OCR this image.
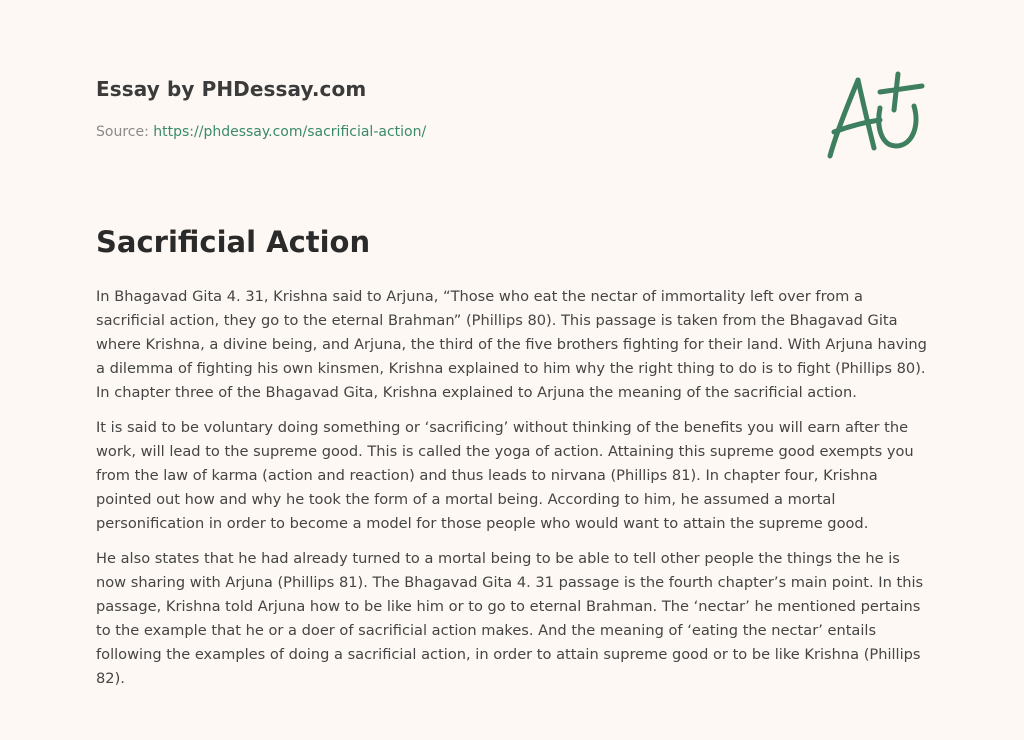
Essay by PHDessay.com

Source: https://phdessay.com/sacrificial-action/

Sacrificial Action

In Bhagavad Gita 4. 31, Krishna said to Arjuna, “Those who eat the nectar of immortality left over from a sacrificial action, they go to the eternal Brahman” (Phillips 80). This passage is taken from the Bhagavad Gita where Krishna, a divine being, and Arjuna, the third of the five brothers fighting for their land. With Arjuna having a dilemma of fighting his own kinsmen, Krishna explained to him why the right thing to do is to fight (Phillips 80). In chapter three of the Bhagavad Gita, Krishna explained to Arjuna the meaning of the sacrificial action.

It is said to be voluntary doing something or ‘sacrificing’ without thinking of the benefits you will earn after the work, will lead to the supreme good. This is called the yoga of action. Attaining this supreme good exempts you from the law of karma (action and reaction) and thus leads to nirvana (Phillips 81). In chapter four, Krishna pointed out how and why he took the form of a mortal being. According to him, he assumed a mortal personification in order to become a model for those people who would want to attain the supreme good.

He also states that he had already turned to a mortal being to be able to tell other people the things the he is now sharing with Arjuna (Phillips 81). The Bhagavad Gita 4. 31 passage is the fourth chapter’s main point. In this passage, Krishna told Arjuna how to be like him or to go to eternal Brahman. The ‘nectar’ he mentioned pertains to the example that he or a doer of sacrificial action makes. And the meaning of ‘eating the nectar’ entails following the examples of doing a sacrificial action, in order to attain supreme good or to be like Krishna (Phillips 82).
